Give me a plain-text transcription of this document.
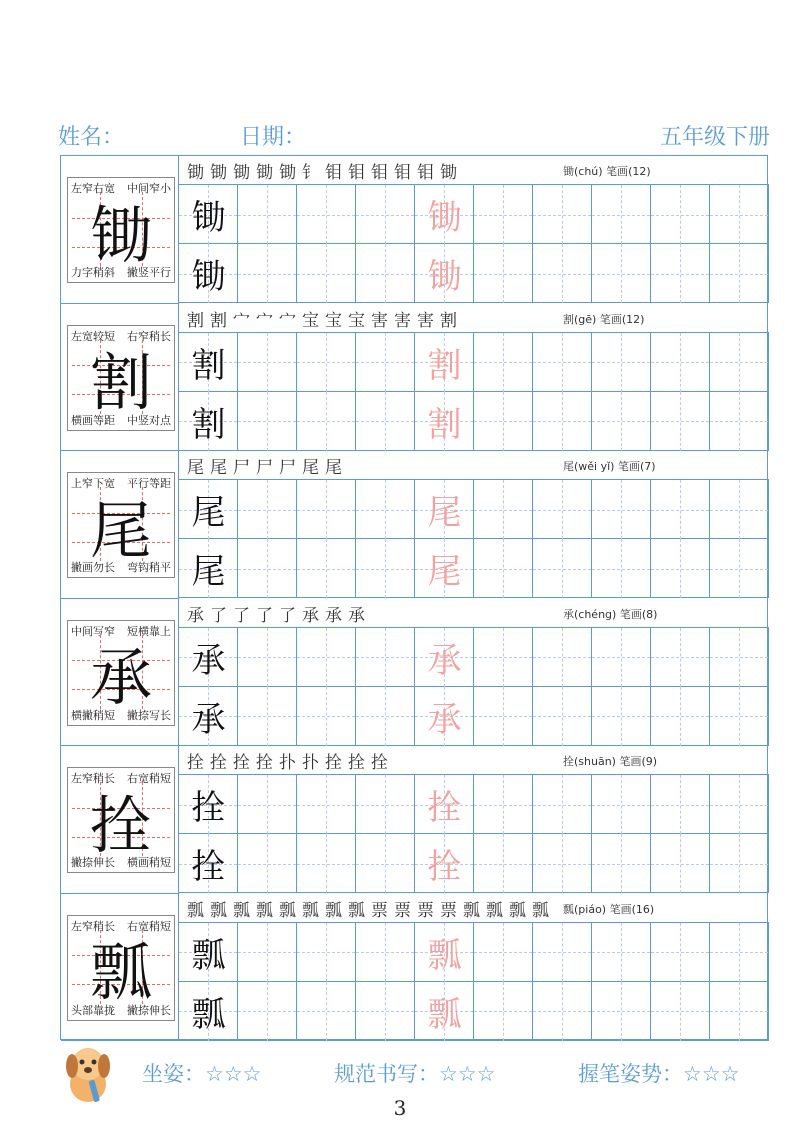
姓名：	日期：	五年级下册
左窄右宽 中间窄小
锄
力字稍斜 撇竖平行
锄锄锄锄锄钅钼钼钼钼钼锄	锄(chú) 笔画(12)
锄	锄
锄	锄
左宽较短 右窄稍长
割
横画等距 中竖对点
割割宀宀宀宝宝宝害害害割	割(gē) 笔画(12)
割	割
割	割
上窄下宽 平行等距
尾
撇画勿长 弯钩稍平
尾尾尸尸尸尾尾	尾(wěi yǐ) 笔画(7)
尾	尾
尾	尾
中间写窄 短横靠上
承
横撇稍短 撇捺写长
承了了了了承承承	承(chéng) 笔画(8)
承	承
承	承
左窄稍长 右宽稍短
拴
撇捺伸长 横画稍短
拴拴拴拴扑扑拴拴拴	拴(shuān) 笔画(9)
拴	拴
拴	拴
左窄稍长 右宽稍短
瓢
头部靠拢 撇捺伸长
瓢瓢瓢瓢瓢瓢瓢瓢票票票票瓢瓢瓢瓢 瓢(piáo) 笔画(16)
瓢	瓢
瓢	瓢
坐姿：☆☆☆	规范书写：☆☆☆	握笔姿势：☆☆☆
3
